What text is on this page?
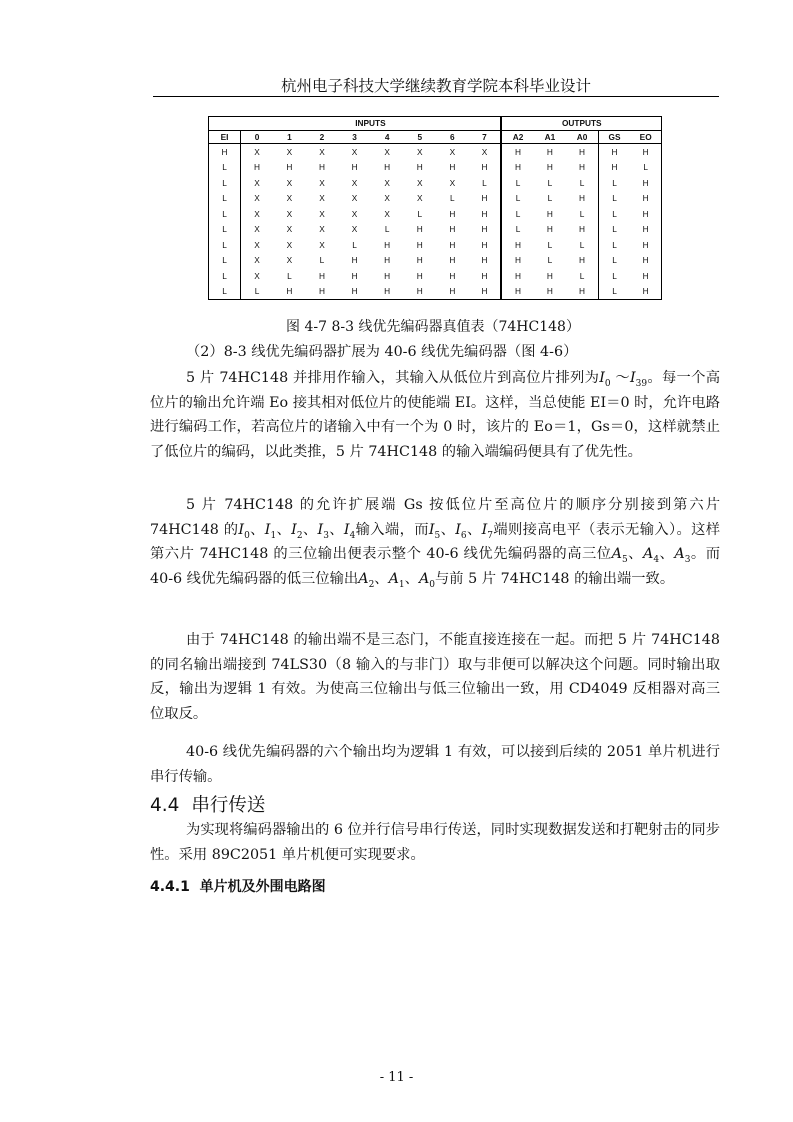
杭州电子科技大学继续教育学院本科毕业设计
	INPUTS								OUTPUTS				
EI	0	1	2	3	4	5	6	7	A2	A1	A0	GS	EO
H	X	X	X	X	X	X	X	X	H	H	H	H	H
L	H	H	H	H	H	H	H	H	H	H	H	H	L
L	X	X	X	X	X	X	X	L	L	L	L	L	H
L	X	X	X	X	X	X	L	H	L	L	H	L	H
L	X	X	X	X	X	L	H	H	L	H	L	L	H
L	X	X	X	X	L	H	H	H	L	H	H	L	H
L	X	X	X	L	H	H	H	H	H	L	L	L	H
L	X	X	L	H	H	H	H	H	H	L	H	L	H
L	X	L	H	H	H	H	H	H	H	H	L	L	H
L	L	H	H	H	H	H	H	H	H	H	H	L	H
图 4-7 8-3 线优先编码器真值表（74HC148）
（2）8-3 线优先编码器扩展为 40-6 线优先编码器（图 4-6）
5 片 74HC148 并排用作输入，其输入从低位片到高位片排列为$I_0$ $\sim I_{39}$。每一个高位片的输出允许端 Eo 接其相对低位片的使能端 EI。这样，当总使能 EI＝0 时，允许电路进行编码工作，若高位片的诸输入中有一个为 0 时，该片的 Eo＝1，Gs＝0，这样就禁止了低位片的编码，以此类推，5 片 74HC148 的输入端编码便具有了优先性。
5 片 74HC148 的允许扩展端 Gs 按低位片至高位片的顺序分别接到第六片 74HC148 的$I_0$、$I_1$、$I_2$、$I_3$、$I_4$输入端，而$I_5$、$I_6$、$I_7$端则接高电平（表示无输入）。这样第六片 74HC148 的三位输出便表示整个 40-6 线优先编码器的高三位$A_5$、$A_4$、$A_3$。而 40-6 线优先编码器的低三位输出$A_2$、$A_1$、$A_0$与前 5 片 74HC148 的输出端一致。
由于 74HC148 的输出端不是三态门，不能直接连接在一起。而把 5 片 74HC148 的同名输出端接到 74LS30（8 输入的与非门）取与非便可以解决这个问题。同时输出取反，输出为逻辑 1 有效。为使高三位输出与低三位输出一致，用 CD4049 反相器对高三位取反。
40-6 线优先编码器的六个输出均为逻辑 1 有效，可以接到后续的 2051 单片机进行串行传输。
4.4 串行传送
为实现将编码器输出的 6 位并行信号串行传送，同时实现数据发送和打靶射击的同步性。采用 89C2051 单片机便可实现要求。
4.4.1 单片机及外围电路图
- 11 -
